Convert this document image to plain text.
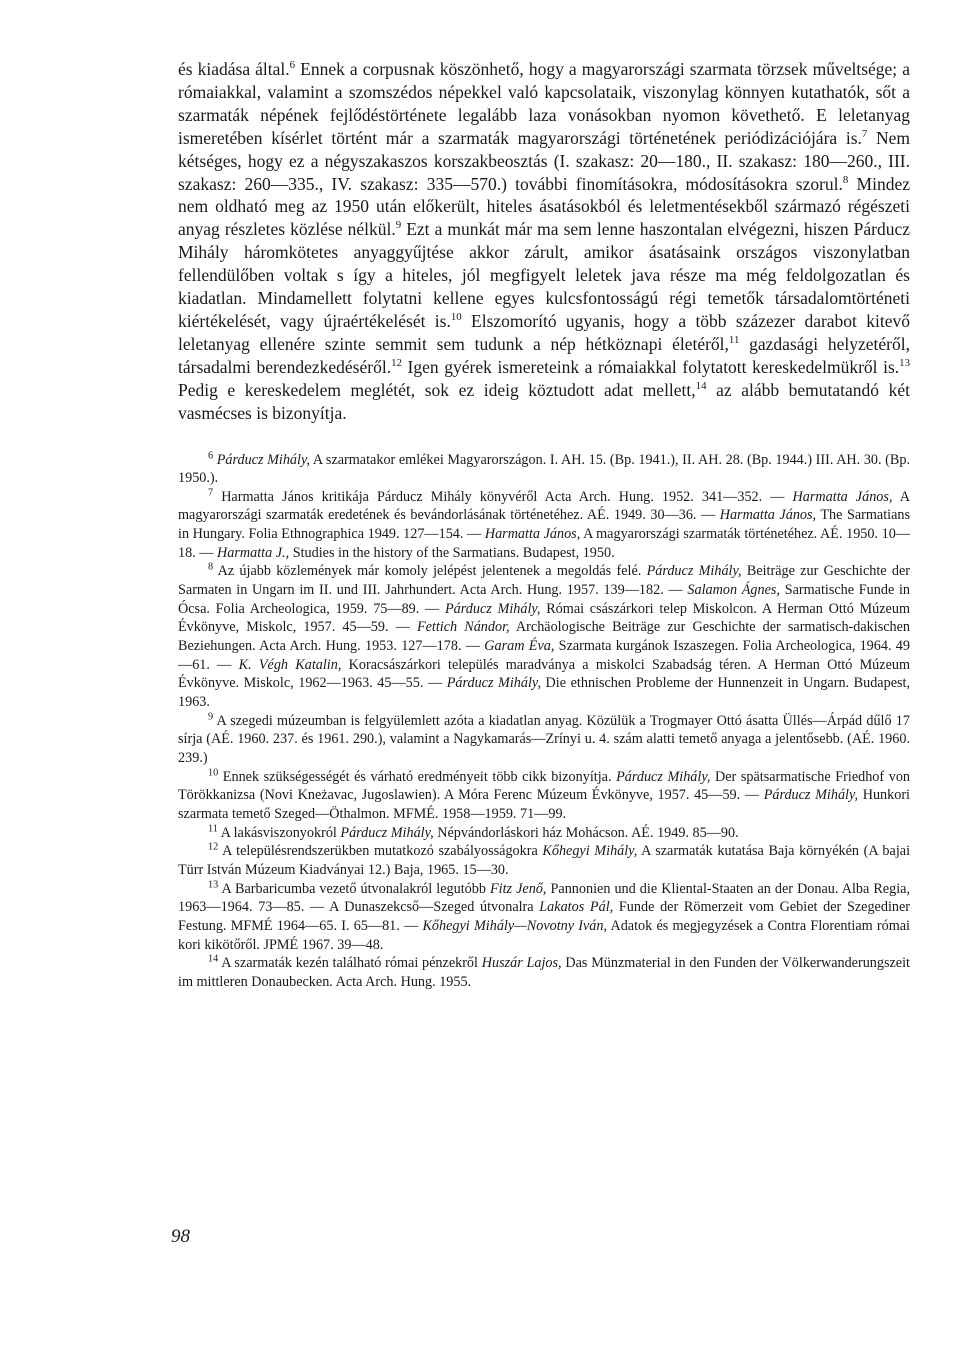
és kiadása által.$^6$ Ennek a corpusnak köszönhető, hogy a magyarországi szarmata törzsek műveltsége; a rómaiakkal, valamint a szomszédos népekkel való kapcsolataik, viszonylag könnyen kutathatók, sőt a szarmaták népének fejlődéstörténete legalább laza vonásokban nyomon követhető. E leletanyag ismeretében kísérlet történt már a szarmaták magyarországi történetének periódizációjára is.$^7$ Nem kétséges, hogy ez a négyszakaszos korszakbeosztás (I. szakasz: 20—180., II. szakasz: 180—260., III. szakasz: 260—335., IV. szakasz: 335—570.) további finomításokra, módosításokra szorul.$^8$ Mindez nem oldható meg az 1950 után előkerült, hiteles ásatásokból és leletmentésekből származó régészeti anyag részletes közlése nélkül.$^9$ Ezt a munkát már ma sem lenne haszontalan elvégezni, hiszen Párducz Mihály háromkötetes anyaggyűjtése akkor zárult, amikor ásatásaink országos viszonylatban fellendülőben voltak s így a hiteles, jól megfigyelt leletek java része ma még feldolgozatlan és kiadatlan. Mindamellett folytatni kellene egyes kulcsfontosságú régi temetők társadalomtörténeti kiértékelését, vagy újraértékelését is.$^{10}$ Elszomorító ugyanis, hogy a több százezer darabot kitevő leletanyag ellenére szinte semmit sem tudunk a nép hétköznapi életéről,$^{11}$ gazdasági helyzetéről, társadalmi berendezkedéséről.$^{12}$ Igen gyérek ismereteink a rómaiakkal folytatott kereskedelmükről is.$^{13}$ Pedig e kereskedelem meglétét, sok ez ideig köztudott adat mellett,$^{14}$ az alább bemutatandó két vasmécses is bizonyítja.

$^6$ Párducz Mihály, A szarmatakor emlékei Magyarországon. I. AH. 15. (Bp. 1941.), II. AH. 28. (Bp. 1944.) III. AH. 30. (Bp. 1950.).

$^7$ Harmatta János kritikája Párducz Mihály könyvéről Acta Arch. Hung. 1952. 341—352. — Harmatta János, A magyarországi szarmaták eredetének és bevándorlásának történetéhez. AÉ. 1949. 30—36. — Harmatta János, The Sarmatians in Hungary. Folia Ethnographica 1949. 127—154. — Harmatta János, A magyarországi szarmaták történetéhez. AÉ. 1950. 10—18. — Harmatta J., Studies in the history of the Sarmatians. Budapest, 1950.

$^8$ Az újabb közlemények már komoly jelépést jelentenek a megoldás felé. Párducz Mihály, Beiträge zur Geschichte der Sarmaten in Ungarn im II. und III. Jahrhundert. Acta Arch. Hung. 1957. 139—182. — Salamon Ágnes, Sarmatische Funde in Ócsa. Folia Archeologica, 1959. 75—89. — Párducz Mihály, Római császárkori telep Miskolcon. A Herman Ottó Múzeum Évkönyve, Miskolc, 1957. 45—59. — Fettich Nándor, Archäologische Beiträge zur Geschichte der sarmatisch-dakischen Beziehungen. Acta Arch. Hung. 1953. 127—178. — Garam Éva, Szarmata kurgánok Iszaszegen. Folia Archeologica, 1964. 49—61. — K. Végh Katalin, Koracsászárkori település maradványa a miskolci Szabadság téren. A Herman Ottó Múzeum Évkönyve. Miskolc, 1962—1963. 45—55. — Párducz Mihály, Die ethnischen Probleme der Hunnenzeit in Ungarn. Budapest, 1963.

$^9$ A szegedi múzeumban is felgyülemlett azóta a kiadatlan anyag. Közülük a Trogmayer Ottó ásatta Üllés—Árpád dűlő 17 sírja (AÉ. 1960. 237. és 1961. 290.), valamint a Nagykamarás—Zrínyi u. 4. szám alatti temető anyaga a jelentősebb. (AÉ. 1960. 239.)

$^{10}$ Ennek szükségességét és várható eredményeit több cikk bizonyítja. Párducz Mihály, Der spätsarmatische Friedhof von Törökkanizsa (Novi Kneżavac, Jugoslawien). A Móra Ferenc Múzeum Évkönyve, 1957. 45—59. — Párducz Mihály, Hunkori szarmata temető Szeged—Öthalmon. MFMÉ. 1958—1959. 71—99.

$^{11}$ A lakásviszonyokról Párducz Mihály, Népvándorláskori ház Mohácson. AÉ. 1949. 85—90.

$^{12}$ A településrendszerükben mutatkozó szabályosságokra Kőhegyi Mihály, A szarmaták kutatása Baja környékén (A bajai Türr István Múzeum Kiadványai 12.) Baja, 1965. 15—30.

$^{13}$ A Barbaricumba vezető útvonalakról legutóbb Fitz Jenő, Pannonien und die Kliental-Staaten an der Donau. Alba Regia, 1963—1964. 73—85. — A Dunaszekcső—Szeged útvonalra Lakatos Pál, Funde der Römerzeit vom Gebiet der Szegediner Festung. MFMÉ 1964—65. I. 65—81. — Kőhegyi Mihály—Novotny Iván, Adatok és megjegyzések a Contra Florentiam római kori kikötőről. JPMÉ 1967. 39—48.

$^{14}$ A szarmaták kezén található római pénzekről Huszár Lajos, Das Münzmaterial in den Funden der Völkerwanderungszeit im mittleren Donaubecken. Acta Arch. Hung. 1955.

98
